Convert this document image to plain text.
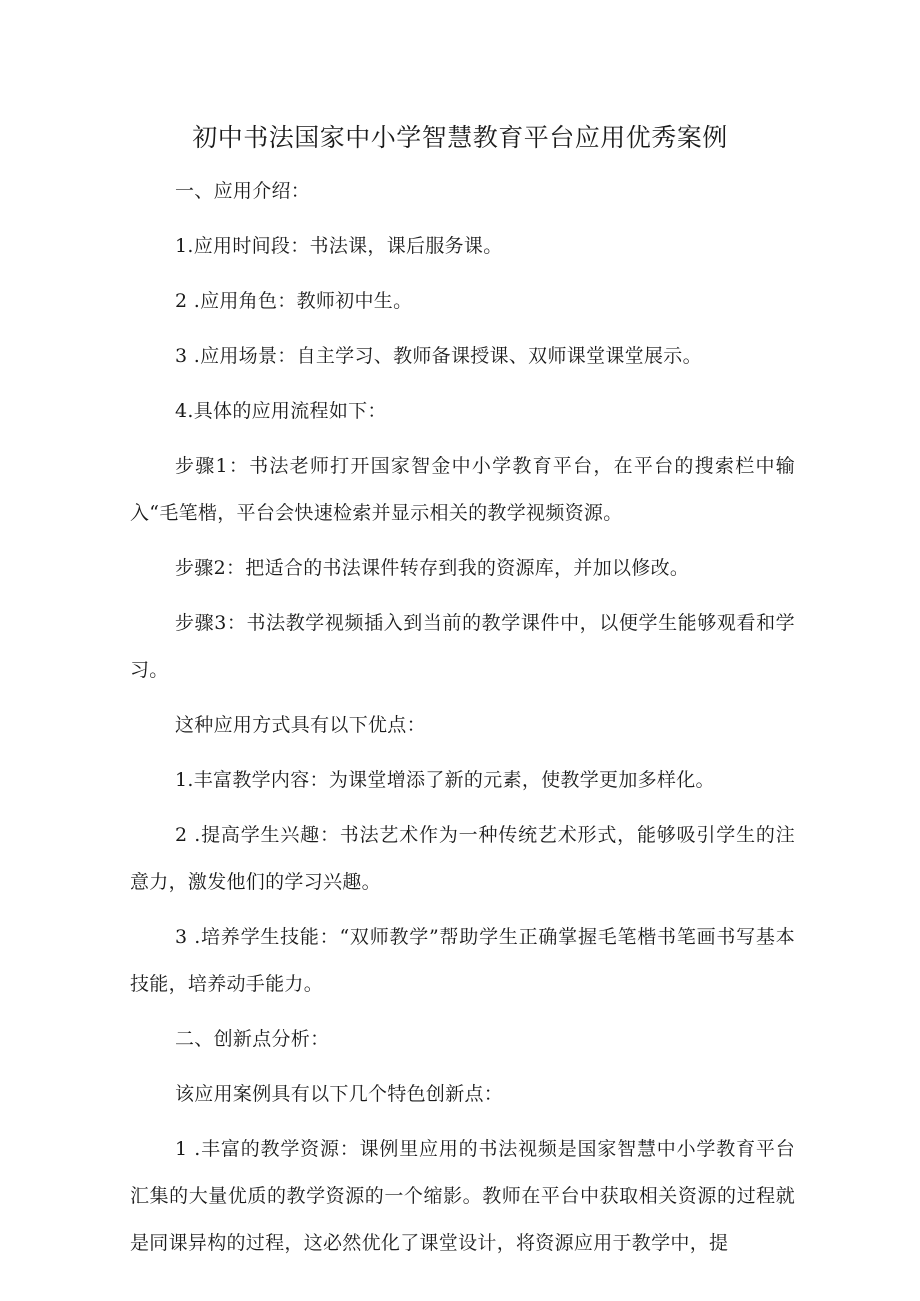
初中书法国家中小学智慧教育平台应用优秀案例

一、应用介绍：

1.应用时间段：书法课，课后服务课。

2 .应用角色：教师初中生。

3 .应用场景：自主学习、教师备课授课、双师课堂课堂展示。

4.具体的应用流程如下：

步骤1：书法老师打开国家智金中小学教育平台，在平台的搜索栏中输入“毛笔楷，平台会快速检索并显示相关的教学视频资源。

步骤2：把适合的书法课件转存到我的资源库，并加以修改。

步骤3：书法教学视频插入到当前的教学课件中，以便学生能够观看和学习。

这种应用方式具有以下优点：

1.丰富教学内容：为课堂增添了新的元素，使教学更加多样化。

2 .提高学生兴趣：书法艺术作为一种传统艺术形式，能够吸引学生的注意力，激发他们的学习兴趣。

3 .培养学生技能：“双师教学”帮助学生正确掌握毛笔楷书笔画书写基本技能，培养动手能力。

二、创新点分析：

该应用案例具有以下几个特色创新点：

1 .丰富的教学资源：课例里应用的书法视频是国家智慧中小学教育平台汇集的大量优质的教学资源的一个缩影。教师在平台中获取相关资源的过程就是同课异构的过程，这必然优化了课堂设计，将资源应用于教学中，提
